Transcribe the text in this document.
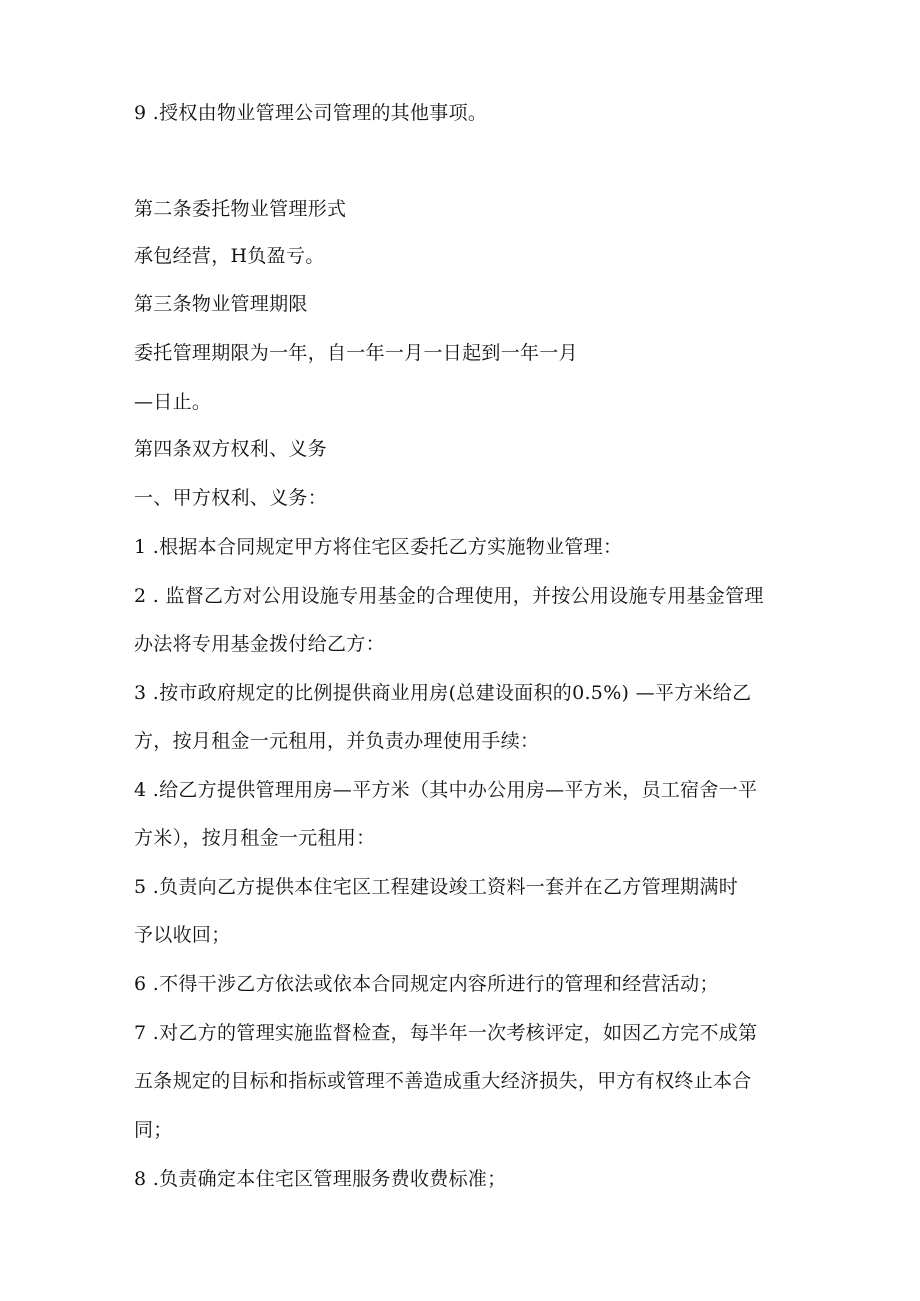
9 .授权由物业管理公司管理的其他事项。

第二条委托物业管理形式

承包经营，H负盈亏。

第三条物业管理期限

委托管理期限为一年，自一年一月一日起到一年一月

—日止。

第四条双方权利、义务

一、甲方权利、义务：

1 .根据本合同规定甲方将住宅区委托乙方实施物业管理：

2 . 监督乙方对公用设施专用基金的合理使用，并按公用设施专用基金管理

办法将专用基金拨付给乙方：

3 .按市政府规定的比例提供商业用房(总建设面积的0.5%) —平方米给乙

方，按月租金一元租用，并负责办理使用手续：

4 .给乙方提供管理用房—平方米（其中办公用房—平方米，员工宿舍一平

方米），按月租金一元租用：

5 .负责向乙方提供本住宅区工程建设竣工资料一套并在乙方管理期满时

予以收回；

6 .不得干涉乙方依法或依本合同规定内容所进行的管理和经营活动；

7 .对乙方的管理实施监督检查，每半年一次考核评定，如因乙方完不成第

五条规定的目标和指标或管理不善造成重大经济损失，甲方有权终止本合

同；

8 .负责确定本住宅区管理服务费收费标准；
